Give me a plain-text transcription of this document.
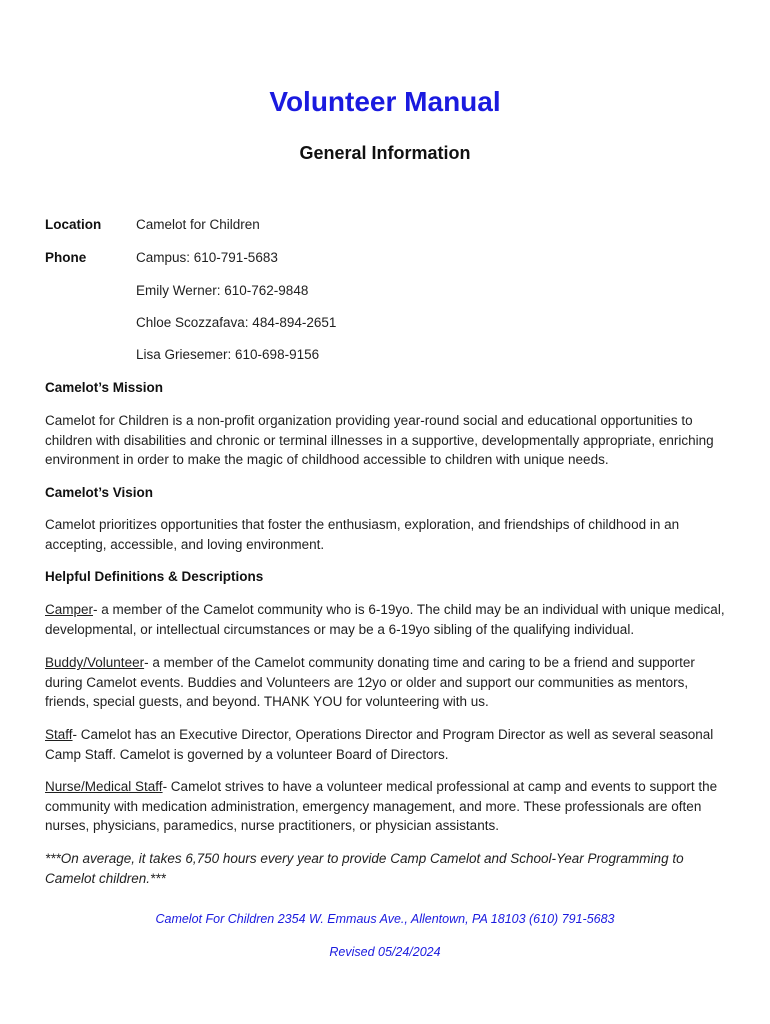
Volunteer Manual
General Information
Location	Camelot for Children
Phone	Campus: 610-791-5683
Emily Werner: 610-762-9848
Chloe Scozzafava: 484-894-2651
Lisa Griesemer: 610-698-9156
Camelot’s Mission

Camelot for Children is a non-profit organization providing year-round social and educational opportunities to children with disabilities and chronic or terminal illnesses in a supportive, developmentally appropriate, enriching environment in order to make the magic of childhood accessible to children with unique needs.

Camelot’s Vision

Camelot prioritizes opportunities that foster the enthusiasm, exploration, and friendships of childhood in an accepting, accessible, and loving environment.

Helpful Definitions & Descriptions

Camper- a member of the Camelot community who is 6-19yo. The child may be an individual with unique medical, developmental, or intellectual circumstances or may be a 6-19yo sibling of the qualifying individual.

Buddy/Volunteer- a member of the Camelot community donating time and caring to be a friend and supporter during Camelot events. Buddies and Volunteers are 12yo or older and support our communities as mentors, friends, special guests, and beyond. THANK YOU for volunteering with us.

Staff- Camelot has an Executive Director, Operations Director and Program Director as well as several seasonal Camp Staff. Camelot is governed by a volunteer Board of Directors.

Nurse/Medical Staff- Camelot strives to have a volunteer medical professional at camp and events to support the community with medication administration, emergency management, and more. These professionals are often nurses, physicians, paramedics, nurse practitioners, or physician assistants.

***On average, it takes 6,750 hours every year to provide Camp Camelot and School-Year Programming to Camelot children.***

Camelot For Children 2354 W. Emmaus Ave., Allentown, PA 18103 (610) 791-5683
Revised 05/24/2024
